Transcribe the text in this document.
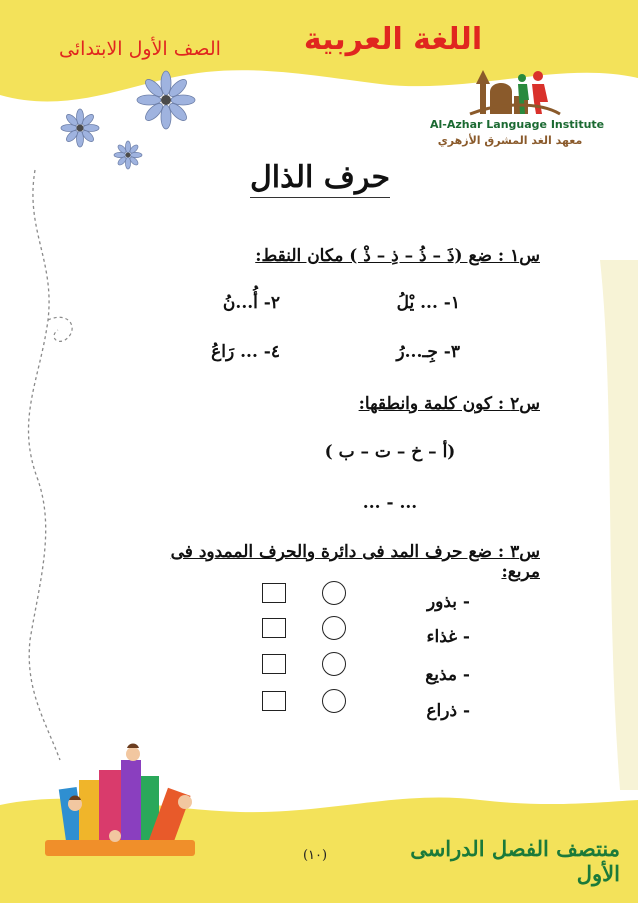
اللغة العربية
الصف الأول الابتدائى
Al-Azhar Language Institute
معهد الغد المشرق الأزهري
حرف الذال
س١ : ضع (ذَ – ذُ – ذِ – ذْ ) مكان النقط:
١- ... يْلُ
٢- أُ...نُ
٣- جِـ...رُ
٤- ... رَاعُ
س٢ : كون كلمة وانطقها:
(أ – خ – ت – ب )
... - ...
س٣ : ضع حرف المد فى دائرة والحرف الممدود فى مربع:
- بذور
- غذاء
- مذيع
- ذراع
منتصف الفصل الدراسى الأول
(١٠)
